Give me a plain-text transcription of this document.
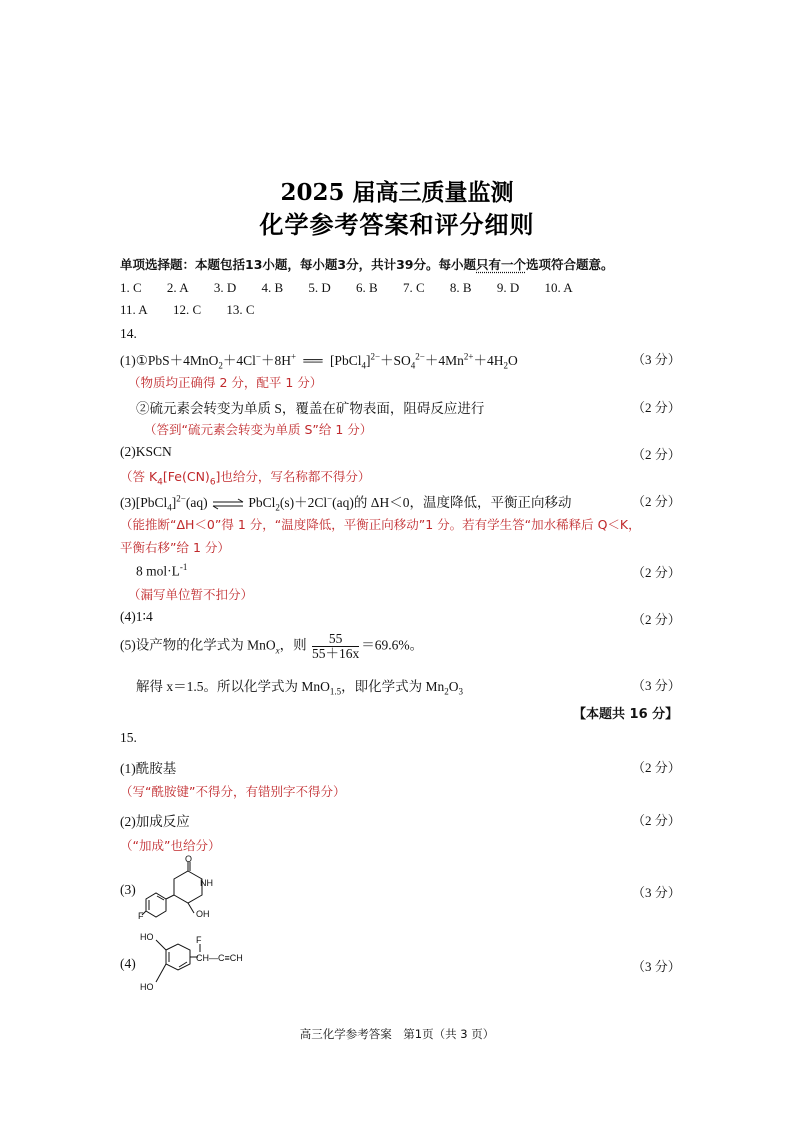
2025 届高三质量监测
化学参考答案和评分细则
单项选择题：本题包括13小题，每小题3分，共计39分。每小题只有一个选项符合题意。
1. C 2. A 3. D 4. B 5. D 6. B 7. C 8. B 9. D 10. A
11. A 12. C 13. C
14.
(1)①PbS＋4MnO$_2$＋4Cl−＋8H+ ══ $[PbCl_4]^{2-}+SO_4^{2-}+4Mn^{2+}+4H_2O$	（3 分）
（物质均正确得 2 分，配平 1 分）
②硫元素会转变为单质 S，覆盖在矿物表面，阻碍反应进行	（2 分）
（答到“硫元素会转变为单质 S”给 1 分）
(2)KSCN	（2 分）
（答 $K_4[Fe(CN)_6]$也给分，写名称都不得分）
(3)[PbCl$_4$]$^{2-}$(aq) ⇌ PbCl$_2$(s)＋2Cl−(aq)的 ΔH＜0，温度降低，平衡正向移动	（2 分）
（能推断“ΔH＜0”得 1 分，“温度降低，平衡正向移动”1 分。若有学生答“加水稀释后 Q＜K，
平衡右移”给 1 分）
8 $mol\cdot L^{-1}$	（2 分）
（漏写单位暂不扣分）
(4)1∶4	（2 分）
(5)设产物的化学式为 MnO$_x$，则 $\frac{55}{55+16x} =69.6\%$。
解得 x＝1.5。所以化学式为 MnO$_{1.5}$，即化学式为 $Mn_2O_3$	（3 分）
【本题共 16 分】
15.
(1)酰胺基	（2 分）
（写“酰胺键”不得分，有错别字不得分）
(2)加成反应	（2 分）
（“加成”也给分）
(3)	（3 分）
O
NH
OH
F
(4)	（3 分）
HO
HO
F
CH—C≡CH
高三化学参考答案　第1页（共 3 页）
